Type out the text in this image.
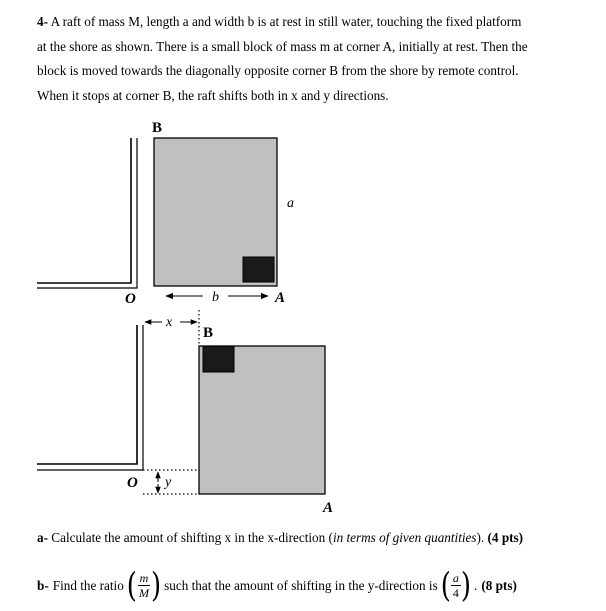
4- A raft of mass M, length a and width b is at rest in still water, touching the fixed platform
at the shore as shown. There is a small block of mass m at corner A, initially at rest. Then the
block is moved towards the diagonally opposite corner B from the shore by remote control.
When it stops at corner B, the raft shifts both in x and y directions.
B
a
O	b	A
x
B
O y
A
a- Calculate the amount of shifting x in the x-direction (in terms of given quantities). (4 pts)
b- Find the ratio ( $\frac{m}{M}$ ) such that the amount of shifting in the y-direction is ( $\frac{a}{4}$ ) . (8 pts)
